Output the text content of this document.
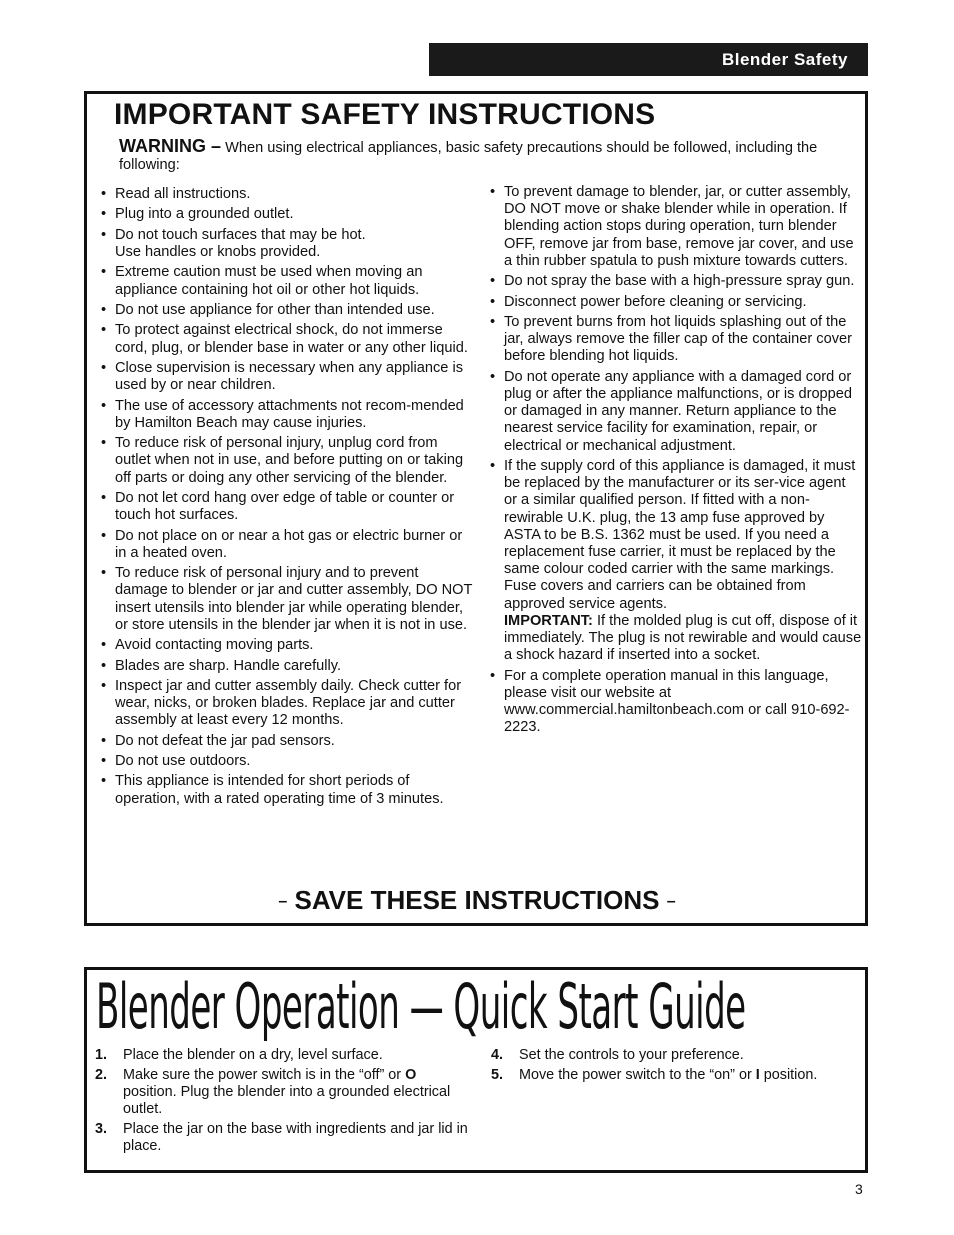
Blender Safety
IMPORTANT SAFETY INSTRUCTIONS
WARNING – When using electrical appliances, basic safety precautions should be followed, including the following:
• Read all instructions.
• Plug into a grounded outlet.
• Do not touch surfaces that may be hot.
Use handles or knobs provided.
• Extreme caution must be used when moving an appliance containing hot oil or other hot liquids.
• Do not use appliance for other than intended use.
• To protect against electrical shock, do not immerse cord, plug, or blender base in water or any other liquid.
• Close supervision is necessary when any appliance is used by or near children.
• The use of accessory attachments not recom-mended by Hamilton Beach may cause injuries.
• To reduce risk of personal injury, unplug cord from outlet when not in use, and before putting on or taking off parts or doing any other servicing of the blender.
• Do not let cord hang over edge of table or counter or touch hot surfaces.
• Do not place on or near a hot gas or electric burner or in a heated oven.
• To reduce risk of personal injury and to prevent damage to blender or jar and cutter assembly, DO NOT insert utensils into blender jar while operating blender, or store utensils in the blender jar when it is not in use.
• Avoid contacting moving parts.
• Blades are sharp. Handle carefully.
• Inspect jar and cutter assembly daily. Check cutter for wear, nicks, or broken blades. Replace jar and cutter assembly at least every 12 months.
• Do not defeat the jar pad sensors.
• Do not use outdoors.
• This appliance is intended for short periods of operation, with a rated operating time of 3 minutes.
• To prevent damage to blender, jar, or cutter assembly, DO NOT move or shake blender while in operation. If blending action stops during operation, turn blender OFF, remove jar from base, remove jar cover, and use a thin rubber spatula to push mixture towards cutters.
• Do not spray the base with a high-pressure spray gun.
• Disconnect power before cleaning or servicing.
• To prevent burns from hot liquids splashing out of the jar, always remove the filler cap of the container cover before blending hot liquids.
• Do not operate any appliance with a damaged cord or plug or after the appliance malfunctions, or is dropped or damaged in any manner. Return appliance to the nearest service facility for examination, repair, or electrical or mechanical adjustment.
• If the supply cord of this appliance is damaged, it must be replaced by the manufacturer or its ser-vice agent or a similar qualified person. If fitted with a non-rewirable U.K. plug, the 13 amp fuse approved by ASTA to be B.S. 1362 must be used. If you need a replacement fuse carrier, it must be replaced by the same colour coded carrier with the same markings. Fuse covers and carriers can be obtained from approved service agents.
IMPORTANT: If the molded plug is cut off, dispose of it immediately. The plug is not rewirable and would cause a shock hazard if inserted into a socket.
• For a complete operation manual in this language, please visit our website at www.commercial.hamiltonbeach.com or call 910-692-2223.
– SAVE THESE INSTRUCTIONS –
Blender Operation — Quick Start Guide
1. Place the blender on a dry, level surface.
2. Make sure the power switch is in the “off” or O position. Plug the blender into a grounded electrical outlet.
3. Place the jar on the base with ingredients and jar lid in place.
4. Set the controls to your preference.
5. Move the power switch to the “on” or I position.
3
